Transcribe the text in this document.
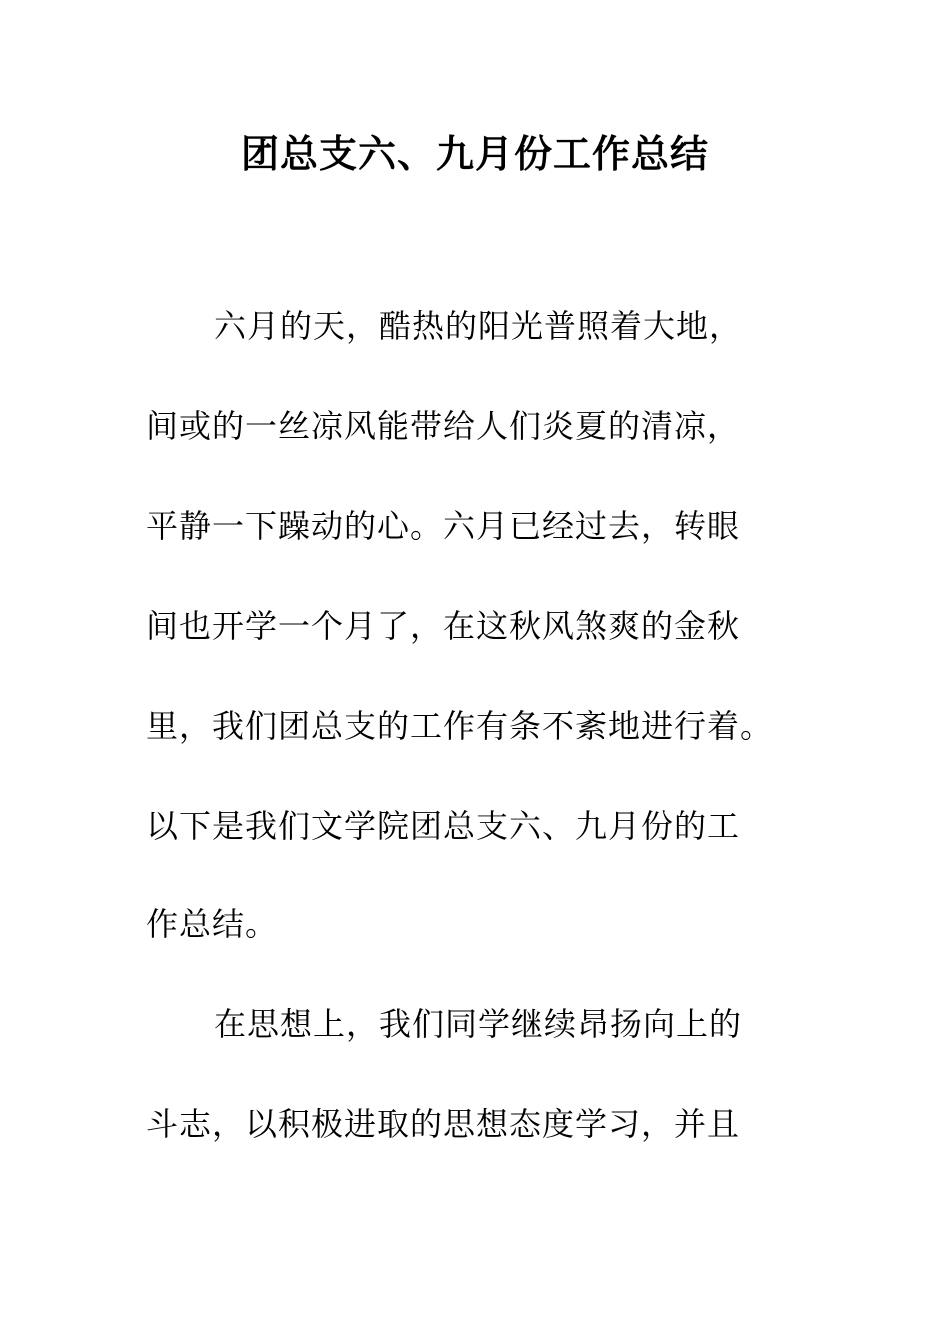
团总支六、九月份工作总结

六月的天，酷热的阳光普照着大地，

间或的一丝凉风能带给人们炎夏的清凉，

平静一下躁动的心。六月已经过去，转眼

间也开学一个月了，在这秋风煞爽的金秋

里，我们团总支的工作有条不紊地进行着。

以下是我们文学院团总支六、九月份的工

作总结。

在思想上，我们同学继续昂扬向上的

斗志，以积极进取的思想态度学习，并且
